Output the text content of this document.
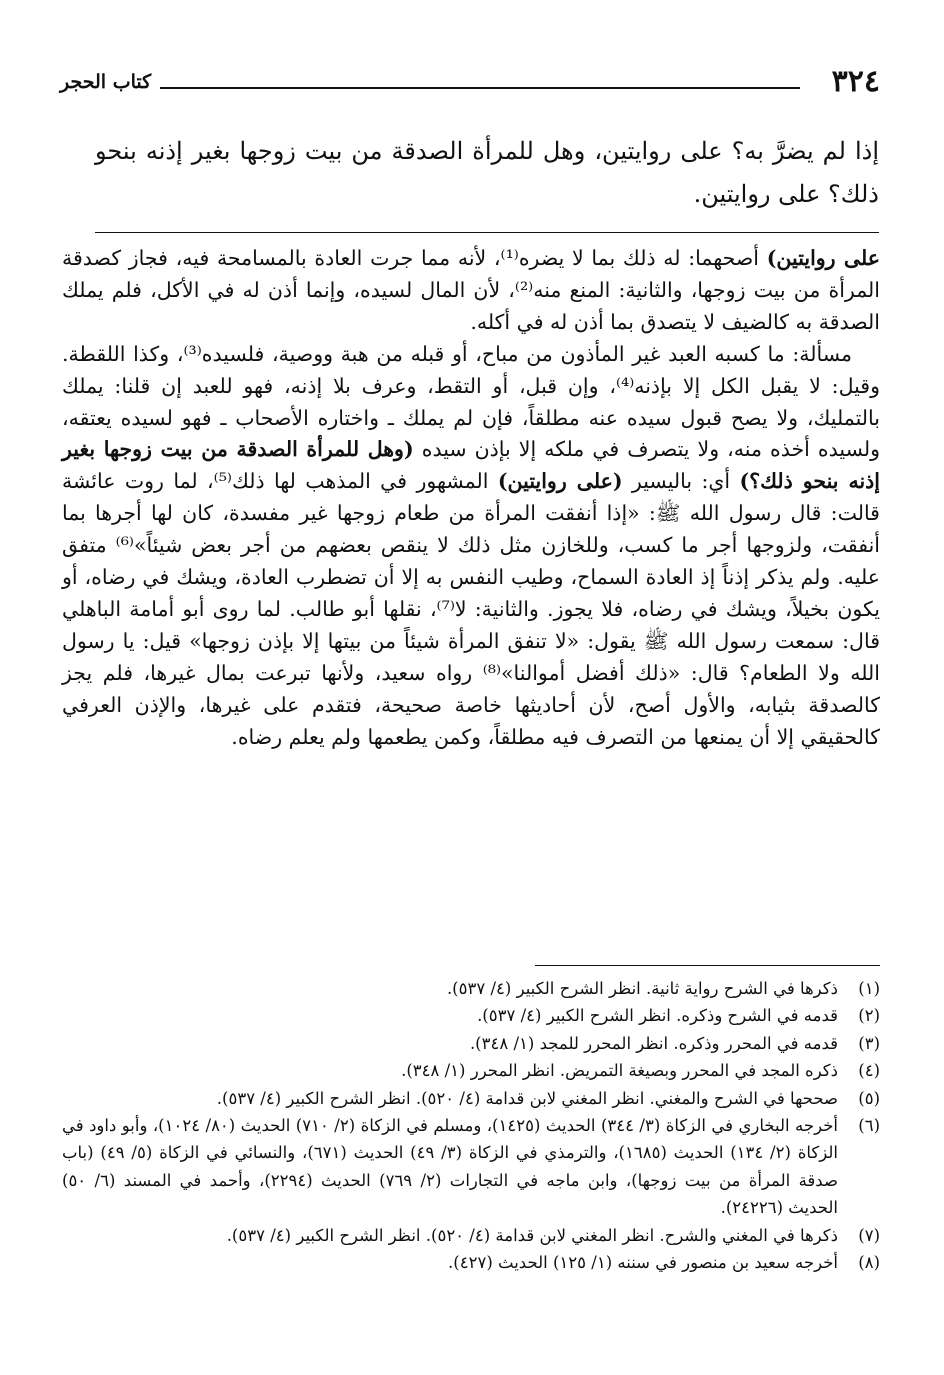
٣٢٤
كتاب الحجر

إذا لم يضرَّ به؟ على روايتين، وهل للمرأة الصدقة من بيت زوجها بغير إذنه بنحو ذلك؟ على روايتين.

على روايتين) أصحهما: له ذلك بما لا يضره⁽¹⁾، لأنه مما جرت العادة بالمسامحة فيه، فجاز كصدقة المرأة من بيت زوجها، والثانية: المنع منه⁽²⁾، لأن المال لسيده، وإنما أذن له في الأكل، فلم يملك الصدقة به كالضيف لا يتصدق بما أذن له في أكله.

مسألة: ما كسبه العبد غير المأذون من مباح، أو قبله من هبة ووصية، فلسيده⁽³⁾، وكذا اللقطة. وقيل: لا يقبل الكل إلا بإذنه⁽⁴⁾، وإن قبل، أو التقط، وعرف بلا إذنه، فهو للعبد إن قلنا: يملك بالتمليك، ولا يصح قبول سيده عنه مطلقاً، فإن لم يملك ـ واختاره الأصحاب ـ فهو لسيده يعتقه، ولسيده أخذه منه، ولا يتصرف في ملكه إلا بإذن سيده (وهل للمرأة الصدقة من بيت زوجها بغير إذنه بنحو ذلك؟) أي: باليسير (على روايتين) المشهور في المذهب لها ذلك⁽⁵⁾، لما روت عائشة قالت: قال رسول الله ﷺ: «إذا أنفقت المرأة من طعام زوجها غير مفسدة، كان لها أجرها بما أنفقت، ولزوجها أجر ما كسب، وللخازن مثل ذلك لا ينقص بعضهم من أجر بعض شيئاً»⁽⁶⁾ متفق عليه. ولم يذكر إذناً إذ العادة السماح، وطيب النفس به إلا أن تضطرب العادة، ويشك في رضاه، أو يكون بخيلاً، ويشك في رضاه، فلا يجوز. والثانية: لا⁽⁷⁾، نقلها أبو طالب. لما روى أبو أمامة الباهلي قال: سمعت رسول الله ﷺ يقول: «لا تنفق المرأة شيئاً من بيتها إلا بإذن زوجها» قيل: يا رسول الله ولا الطعام؟ قال: «ذلك أفضل أموالنا»⁽⁸⁾ رواه سعيد، ولأنها تبرعت بمال غيرها، فلم يجز كالصدقة بثيابه، والأول أصح، لأن أحاديثها خاصة صحيحة، فتقدم على غيرها، والإذن العرفي كالحقيقي إلا أن يمنعها من التصرف فيه مطلقاً، وكمن يطعمها ولم يعلم رضاه.

(١)
ذكرها في الشرح رواية ثانية. انظر الشرح الكبير (٤/ ٥٣٧).
(٢)
قدمه في الشرح وذكره. انظر الشرح الكبير (٤/ ٥٣٧).
(٣)
قدمه في المحرر وذكره. انظر المحرر للمجد (١/ ٣٤٨).
(٤)
ذكره المجد في المحرر وبصيغة التمريض. انظر المحرر (١/ ٣٤٨).
(٥)
صححها في الشرح والمغني. انظر المغني لابن قدامة (٤/ ٥٢٠). انظر الشرح الكبير (٤/ ٥٣٧).
(٦)
أخرجه البخاري في الزكاة (٣/ ٣٤٤) الحديث (١٤٢٥)، ومسلم في الزكاة (٢/ ٧١٠) الحديث (٨٠/ ١٠٢٤)، وأبو داود في الزكاة (٢/ ١٣٤) الحديث (١٦٨٥)، والترمذي في الزكاة (٣/ ٤٩) الحديث (٦٧١)، والنسائي في الزكاة (٥/ ٤٩) (باب صدقة المرأة من بيت زوجها)، وابن ماجه في التجارات (٢/ ٧٦٩) الحديث (٢٢٩٤)، وأحمد في المسند (٦/ ٥٠) الحديث (٢٤٢٢٦).
(٧)
ذكرها في المغني والشرح. انظر المغني لابن قدامة (٤/ ٥٢٠). انظر الشرح الكبير (٤/ ٥٣٧).
(٨)
أخرجه سعيد بن منصور في سننه (١/ ١٢٥) الحديث (٤٢٧).
